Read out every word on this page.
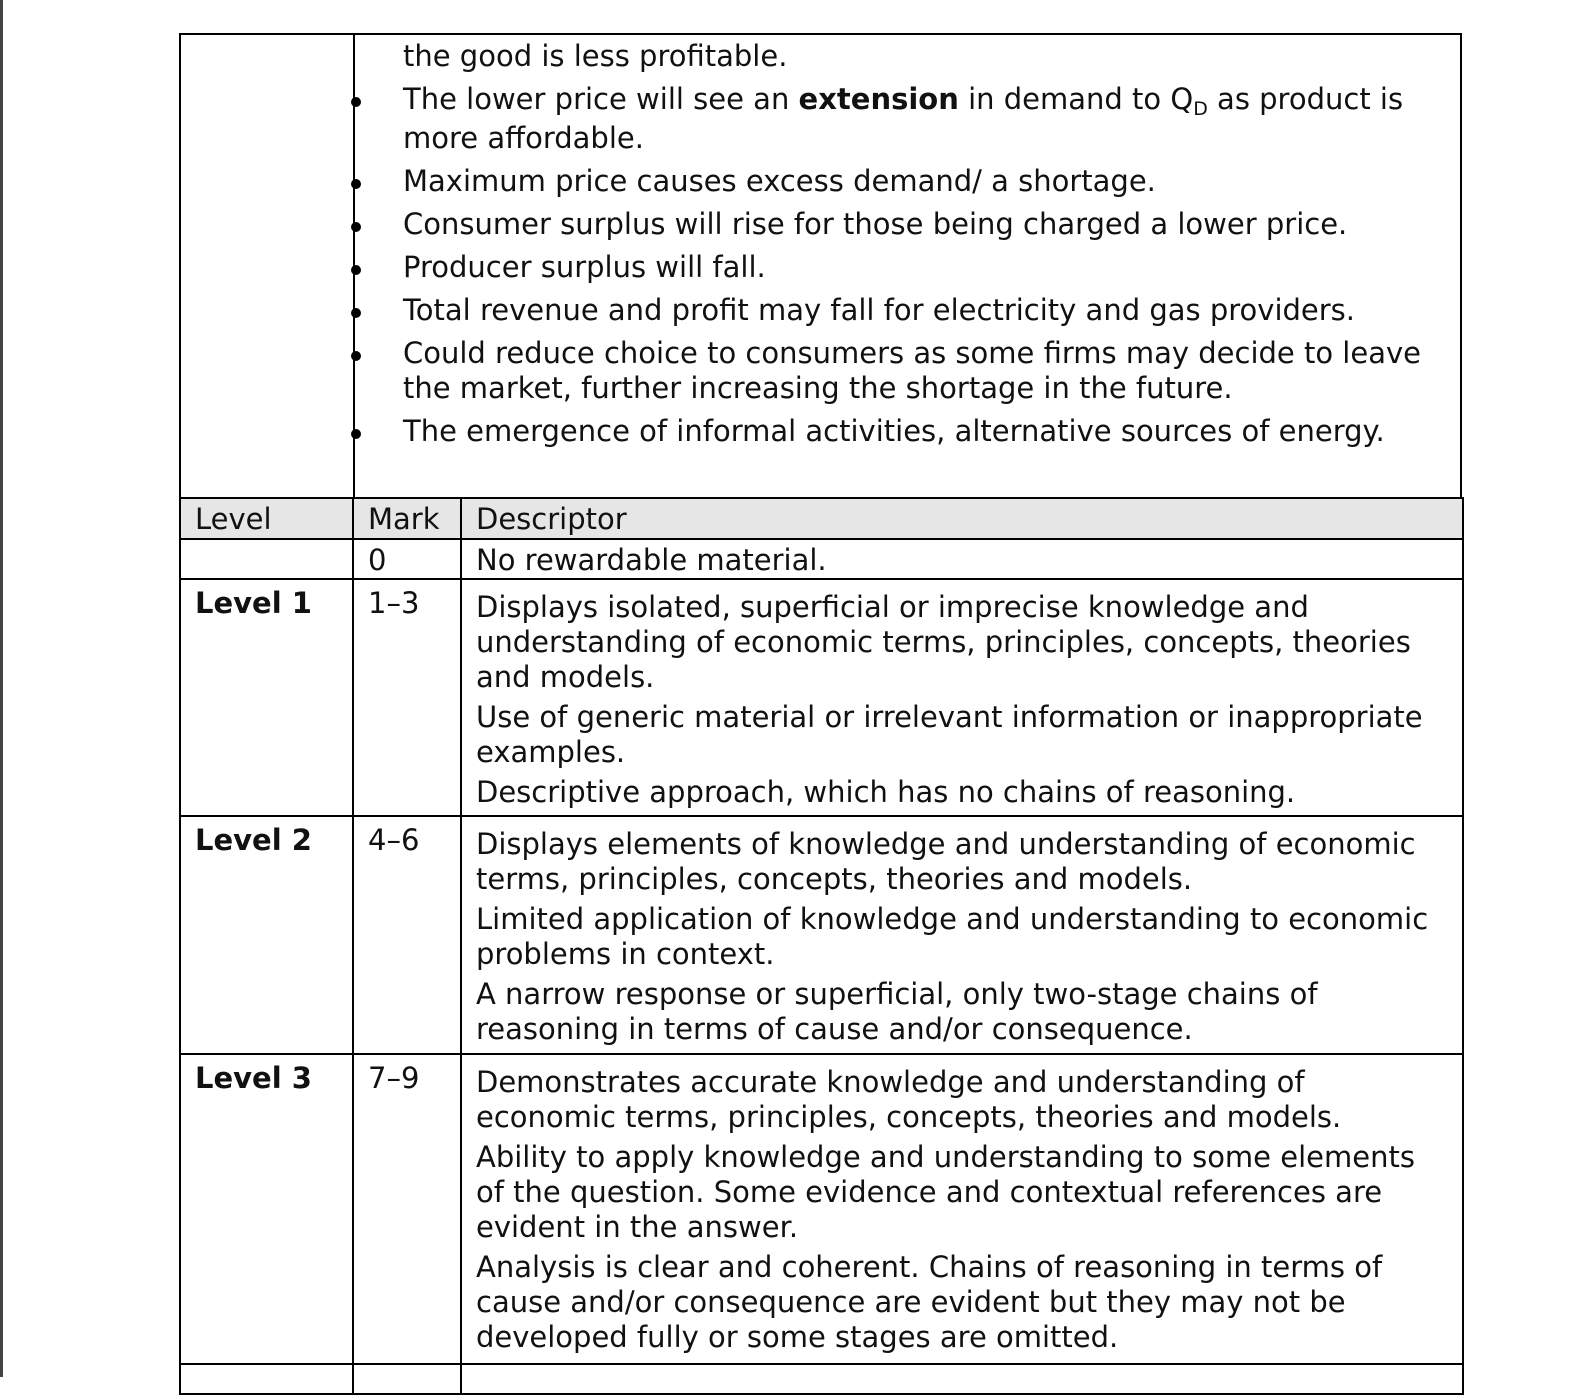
the good is less profitable.

The lower price will see an extension in demand to $Q_D$ as product is more affordable.
Maximum price causes excess demand/ a shortage.
Consumer surplus will rise for those being charged a lower price.
Producer surplus will fall.
Total revenue and profit may fall for electricity and gas providers.
Could reduce choice to consumers as some firms may decide to leave the market, further increasing the shortage in the future.
The emergence of informal activities, alternative sources of energy.
Level	Mark	Descriptor
	0	No rewardable material.
Level 1	1–3	Displays isolated, superficial or imprecise knowledge and understanding of economic terms, principles, concepts, theories and models.

Use of generic material or irrelevant information or inappropriate examples.

Descriptive approach, which has no chains of reasoning.

Level 2	4–6	Displays elements of knowledge and understanding of economic terms, principles, concepts, theories and models.

Limited application of knowledge and understanding to economic problems in context.

A narrow response or superficial, only two-stage chains of reasoning in terms of cause and/or consequence.

Level 3	7–9	Demonstrates accurate knowledge and understanding of economic terms, principles, concepts, theories and models.

Ability to apply knowledge and understanding to some elements of the question. Some evidence and contextual references are evident in the answer.

Analysis is clear and coherent. Chains of reasoning in terms of cause and/or consequence are evident but they may not be developed fully or some stages are omitted.
